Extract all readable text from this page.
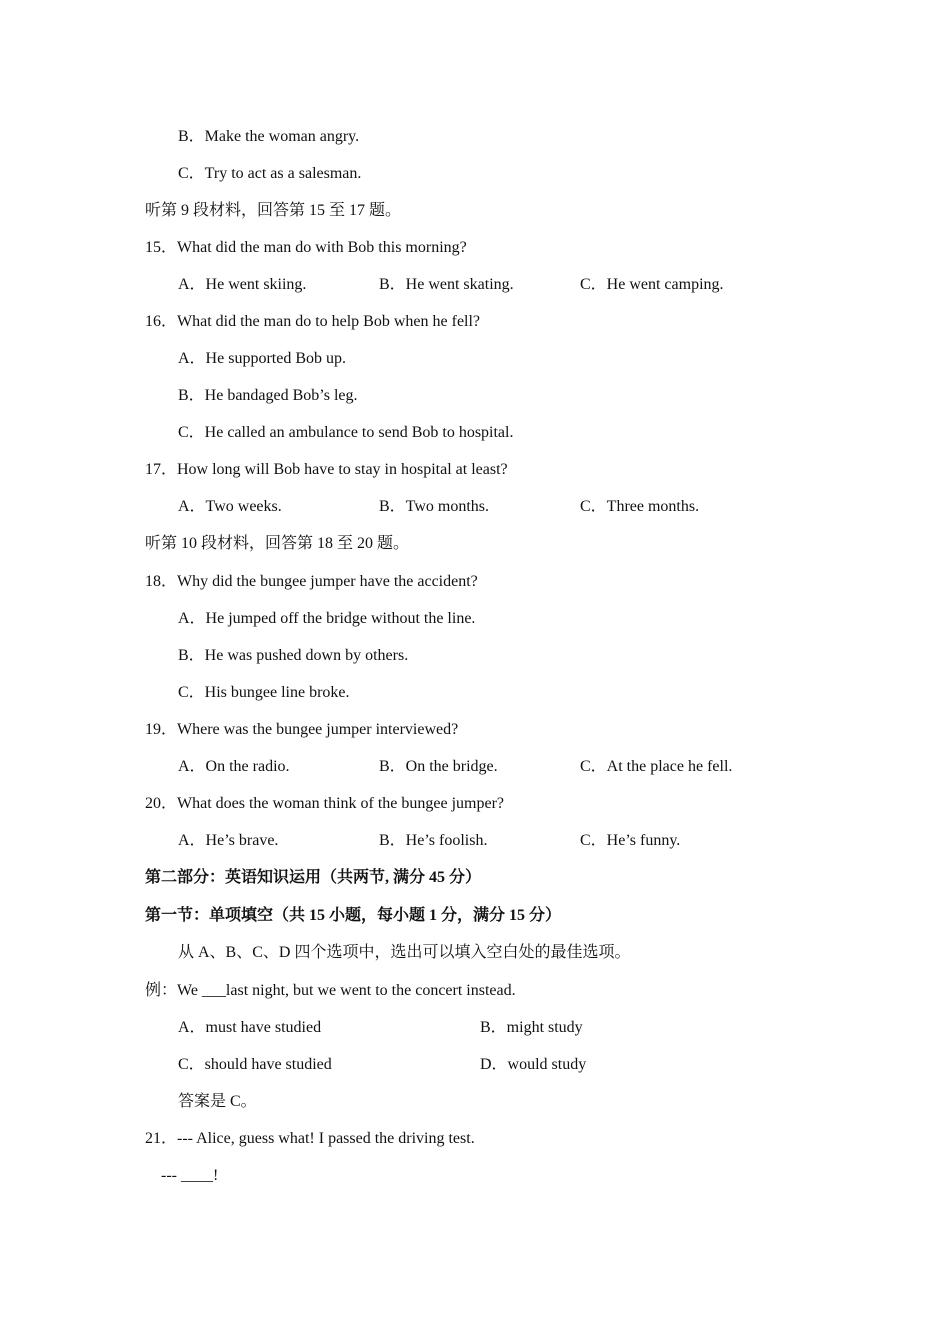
B．Make the woman angry.
C．Try to act as a salesman.
听第 9 段材料，回答第 15 至 17 题。
15．What did the man do with Bob this morning?
A．He went skiing.	B．He went skating.	C．He went camping.
16．What did the man do to help Bob when he fell?
A．He supported Bob up.
B．He bandaged Bob’s leg.
C．He called an ambulance to send Bob to hospital.
17．How long will Bob have to stay in hospital at least?
A．Two weeks.	B．Two months.	C．Three months.
听第 10 段材料，回答第 18 至 20 题。
18．Why did the bungee jumper have the accident?
A．He jumped off the bridge without the line.
B．He was pushed down by others.
C．His bungee line broke.
19．Where was the bungee jumper interviewed?
A．On the radio.	B．On the bridge.	C．At the place he fell.
20．What does the woman think of the bungee jumper?
A．He’s brave.	B．He’s foolish.	C．He’s funny.
第二部分：英语知识运用（共两节, 满分 45 分）
第一节：单项填空（共 15 小题，每小题 1 分，满分 15 分）
从 A、B、C、D 四个选项中，选出可以填入空白处的最佳选项。
例：We ___last night, but we went to the concert instead.
A．must have studied	B．might study
C．should have studied	D．would study
答案是 C。
21．--- Alice, guess what! I passed the driving test.
--- ____!
